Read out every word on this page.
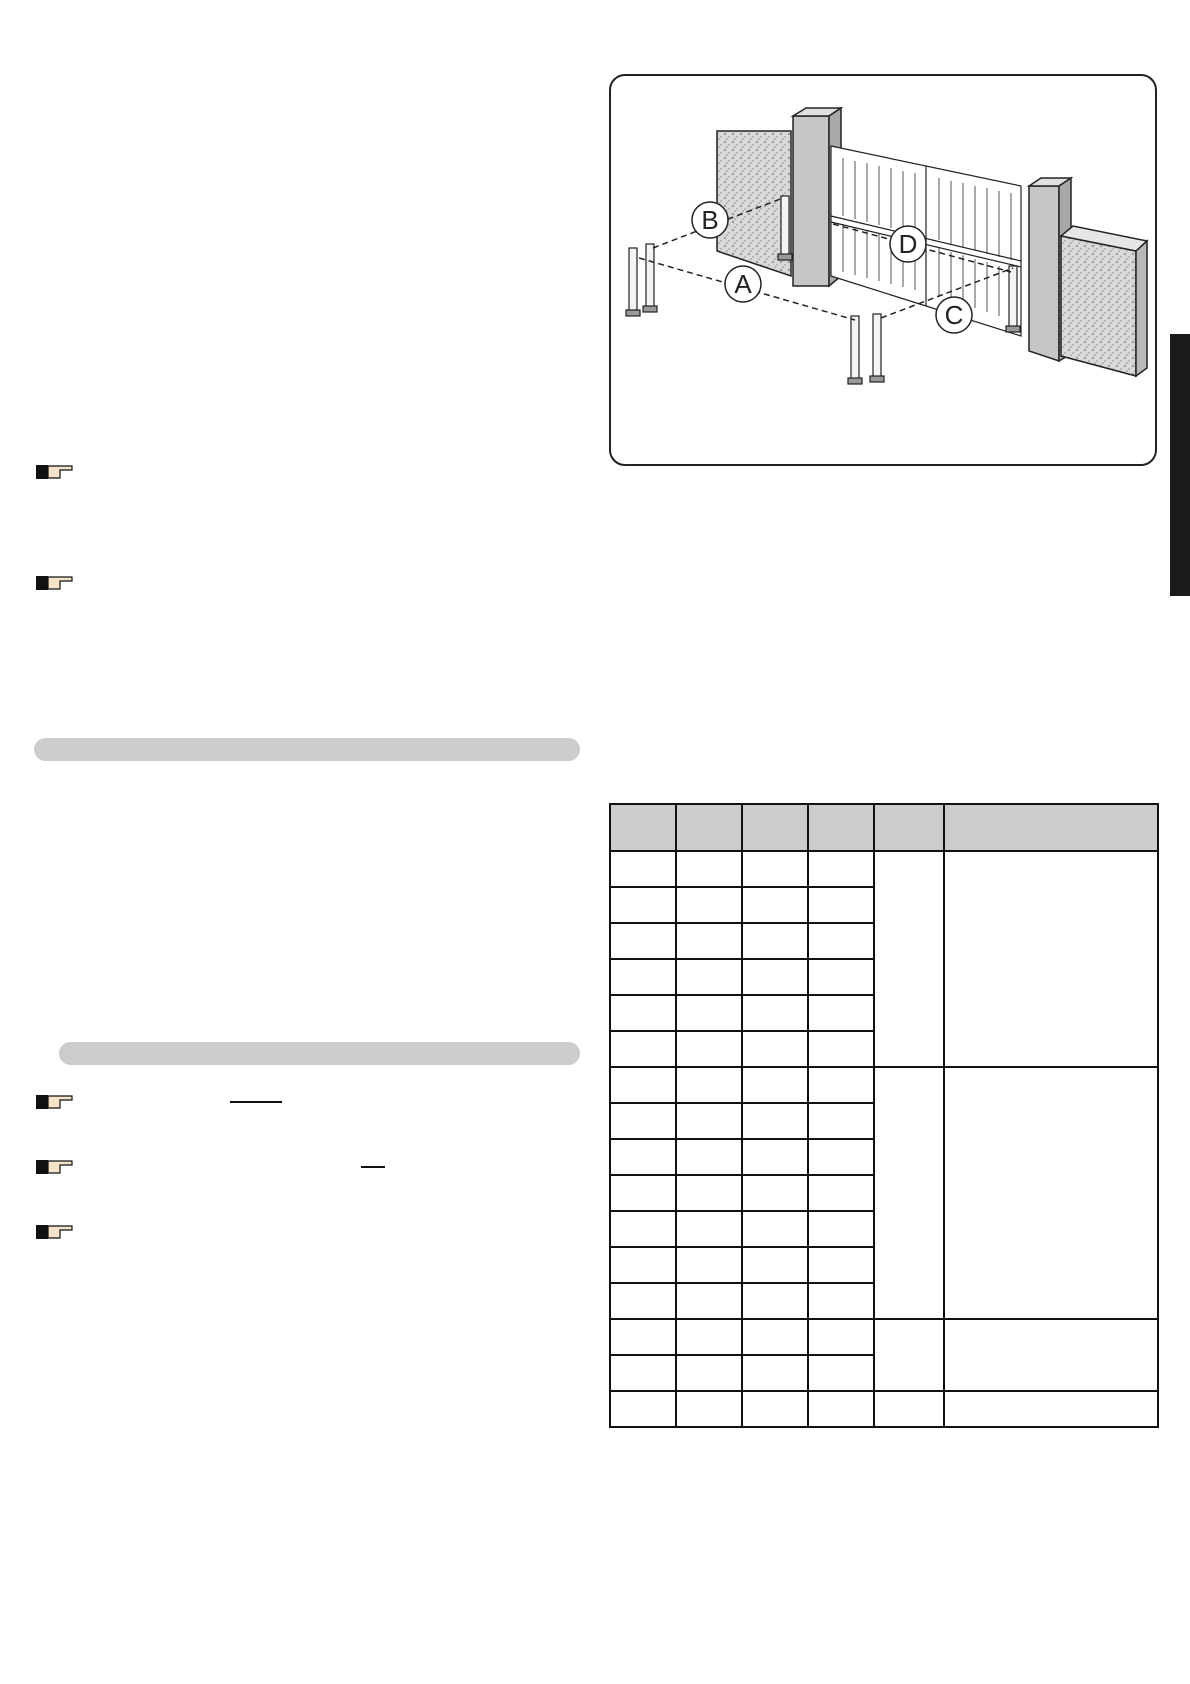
B
A
D
C
